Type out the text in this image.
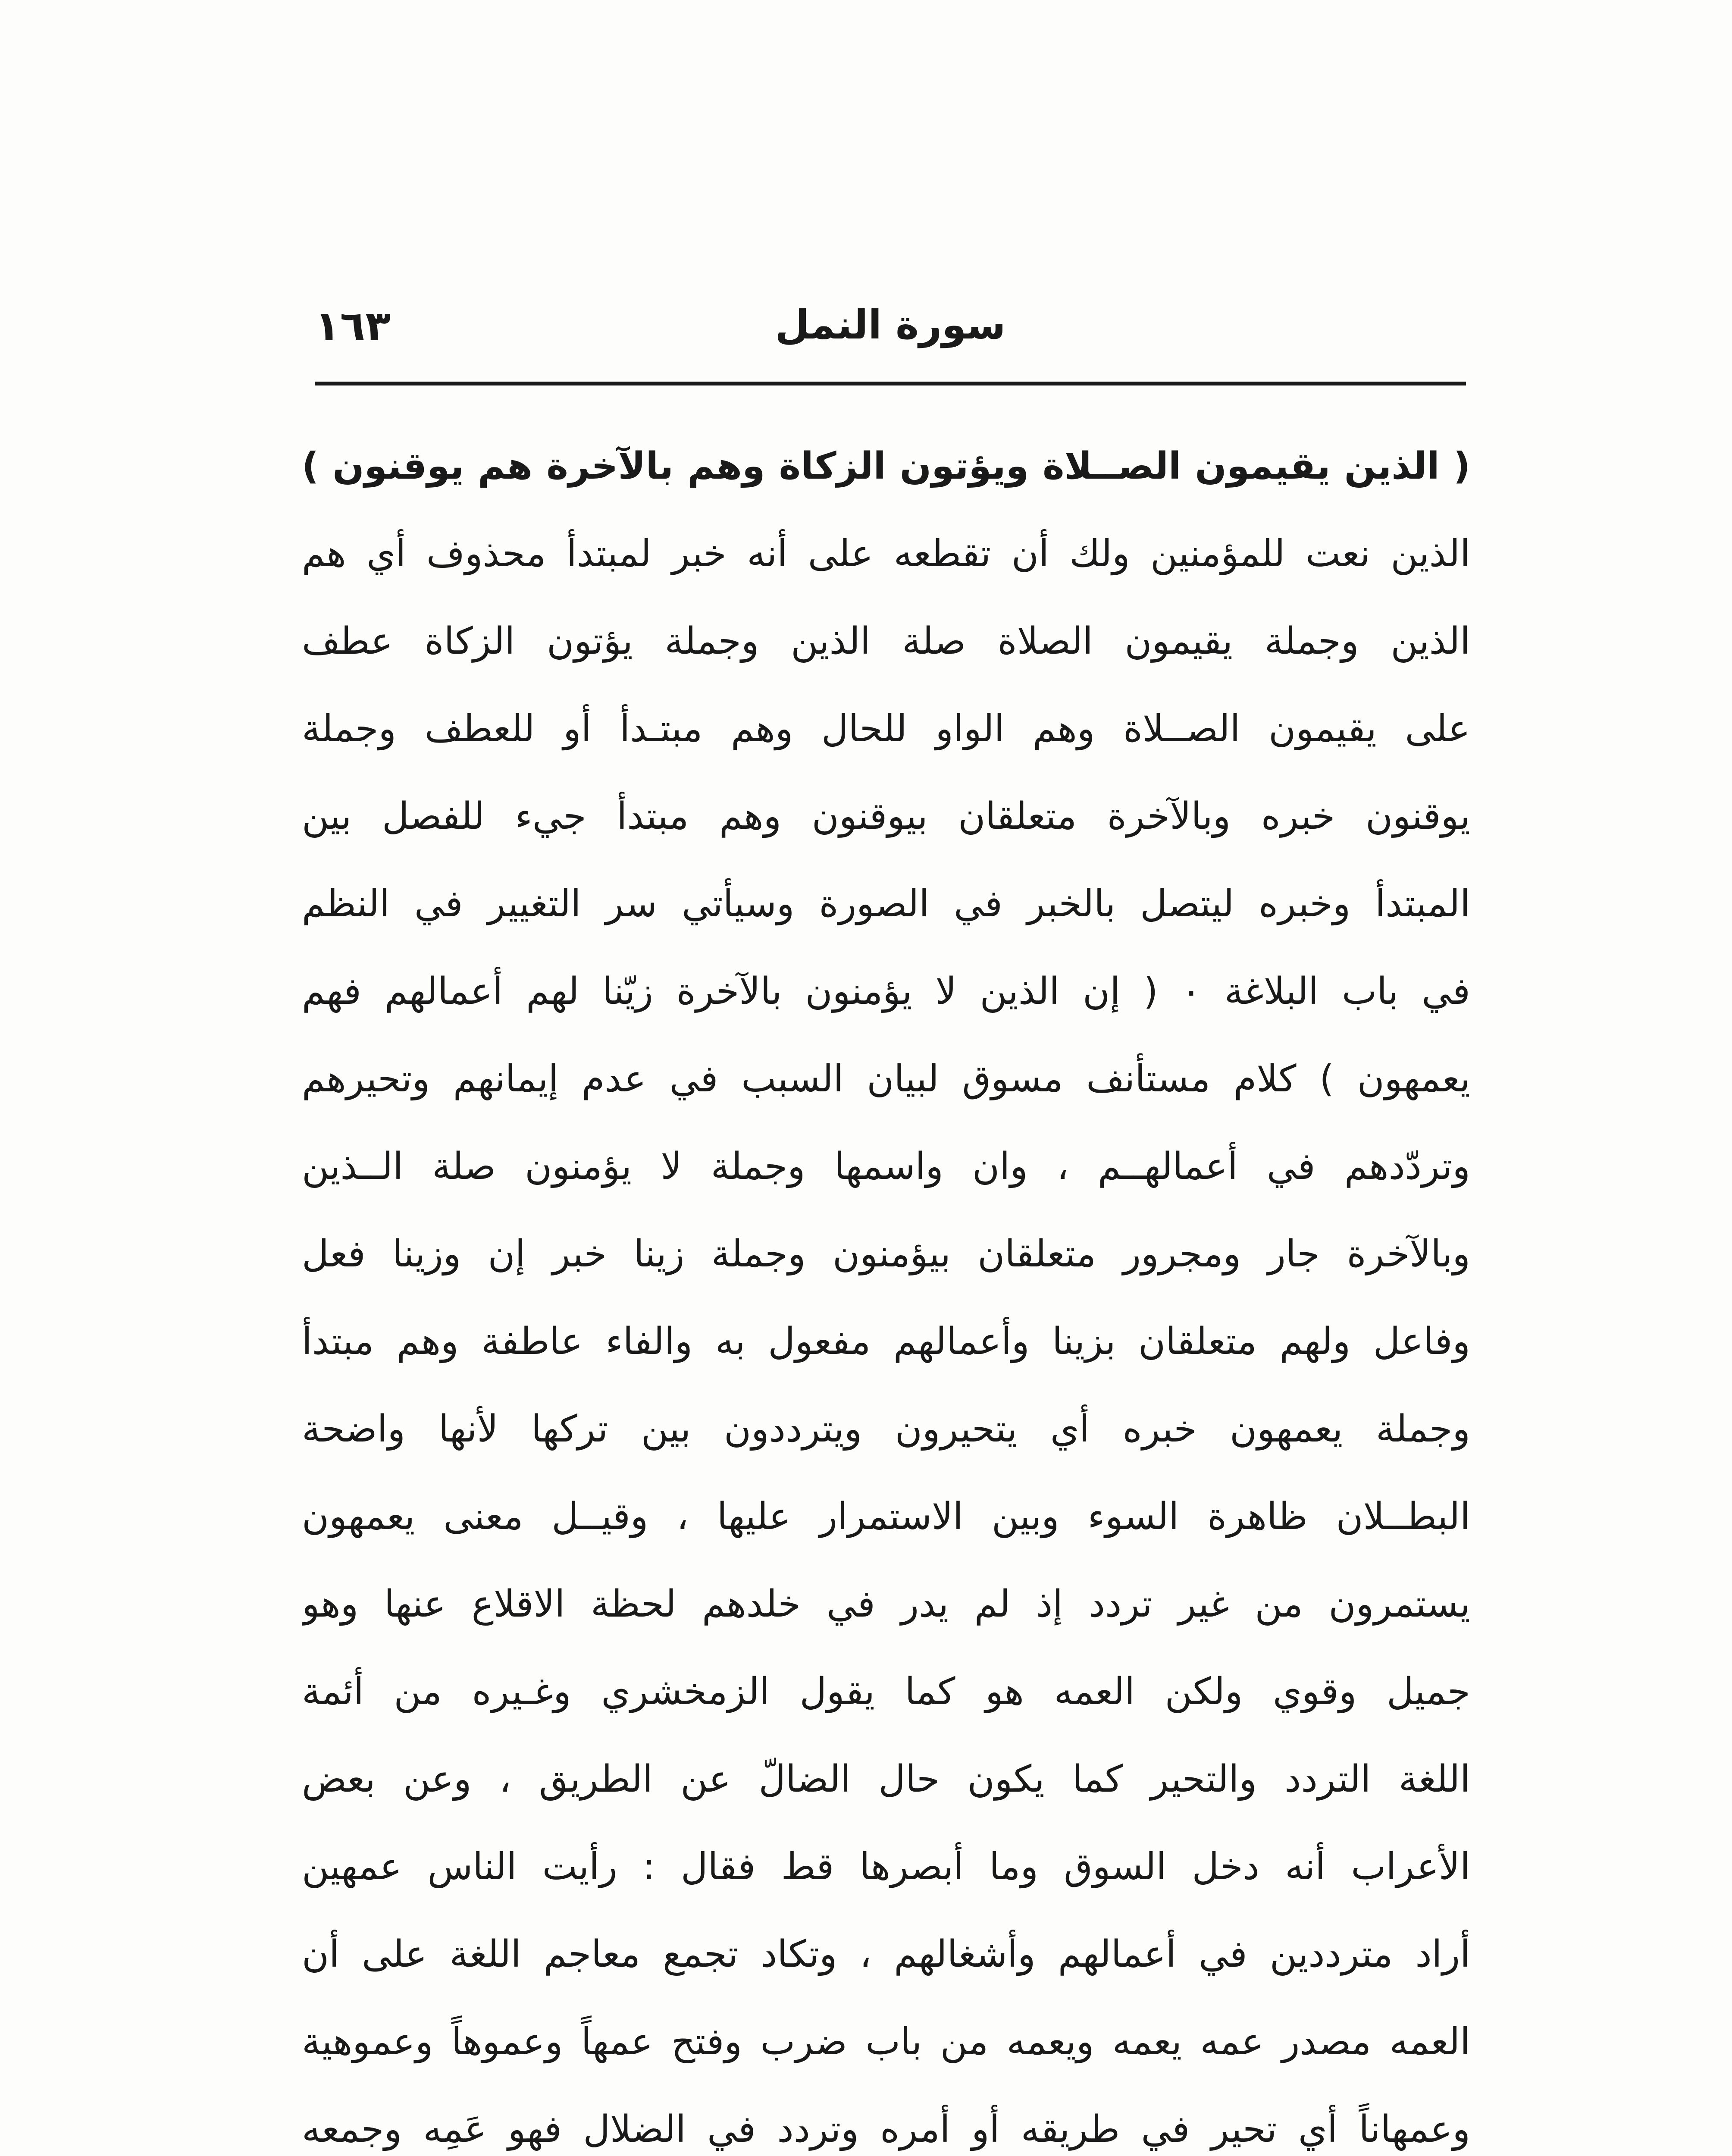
١٦٣	سورة النمل
( الذين يقيمون الصــلاة ويؤتون الزكاة وهم بالآخرة هم يوقنون )
الذين نعت للمؤمنين ولك أن تقطعه على أنه خبر لمبتدأ محذوف أي هم
الذين وجملة يقيمون الصلاة صلة الذين وجملة يؤتون الزكاة عطف
على يقيمون الصــلاة وهم الواو للحال وهم مبتـدأ أو للعطف وجملة
يوقنون خبره وبالآخرة متعلقان بيوقنون وهم مبتدأ جيء للفصل بين
المبتدأ وخبره ليتصل بالخبر في الصورة وسيأتي سر التغيير في النظم
في باب البلاغة ٠ ( إن الذين لا يؤمنون بالآخرة زيّنا لهم أعمالهم فهم
يعمهون ) كلام مستأنف مسوق لبيان السبب في عدم إيمانهم وتحيرهم
وتردّدهم في أعمالهــم ، وان واسمها وجملة لا يؤمنون صلة الــذين
وبالآخرة جار ومجرور متعلقان بيؤمنون وجملة زينا خبر إن وزينا فعل
وفاعل ولهم متعلقان بزينا وأعمالهم مفعول به والفاء عاطفة وهم مبتدأ
وجملة يعمهون خبره أي يتحيرون ويترددون بين تركها لأنها واضحة
البطــلان ظاهرة السوء وبين الاستمرار عليها ، وقيــل معنى يعمهون
يستمرون من غير تردد إذ لم يدر في خلدهم لحظة الاقلاع عنها وهو
جميل وقوي ولكن العمه هو كما يقول الزمخشري وغـيره من أئمة
اللغة التردد والتحير كما يكون حال الضالّ عن الطريق ، وعن بعض
الأعراب أنه دخل السوق وما أبصرها قط فقال : رأيت الناس عمهين
أراد مترددين في أعمالهم وأشغالهم ، وتكاد تجمع معاجم اللغة على أن
العمه مصدر عمه يعمه ويعمه من باب ضرب وفتح عمهاً وعموهاً وعموهية
وعمهاناً أي تحير في طريقه أو أمره وتردد في الضلال فهو عَمِه وجمعه
